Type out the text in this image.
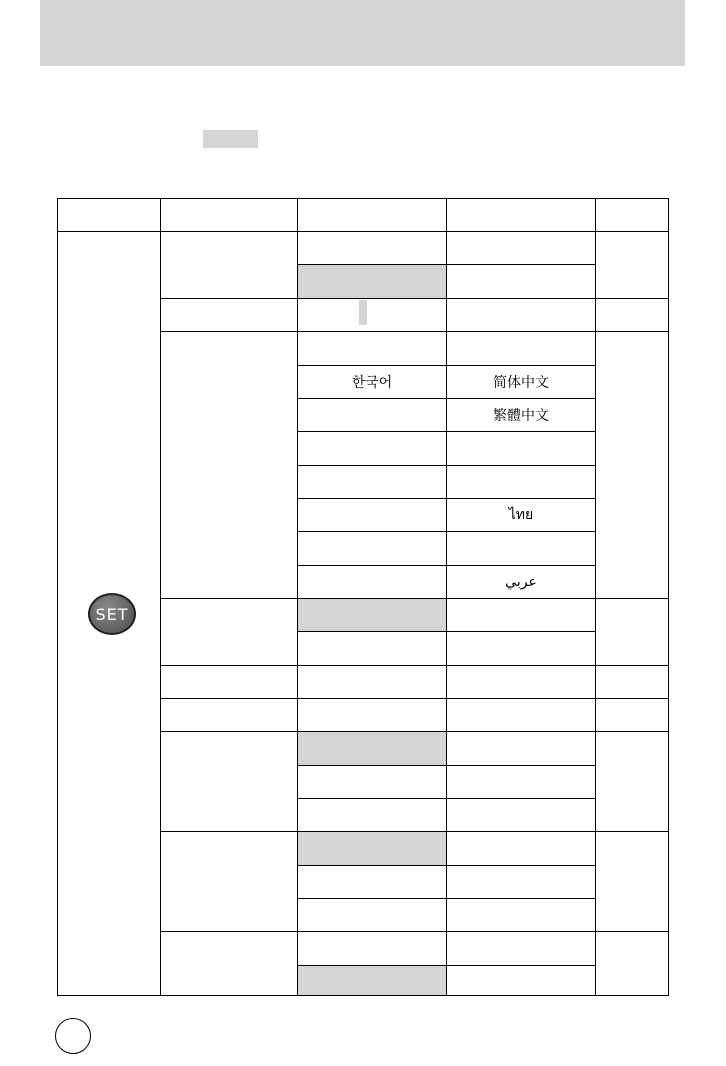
한국어	简体中文
繁體中文
ไทย
عربي
SET
